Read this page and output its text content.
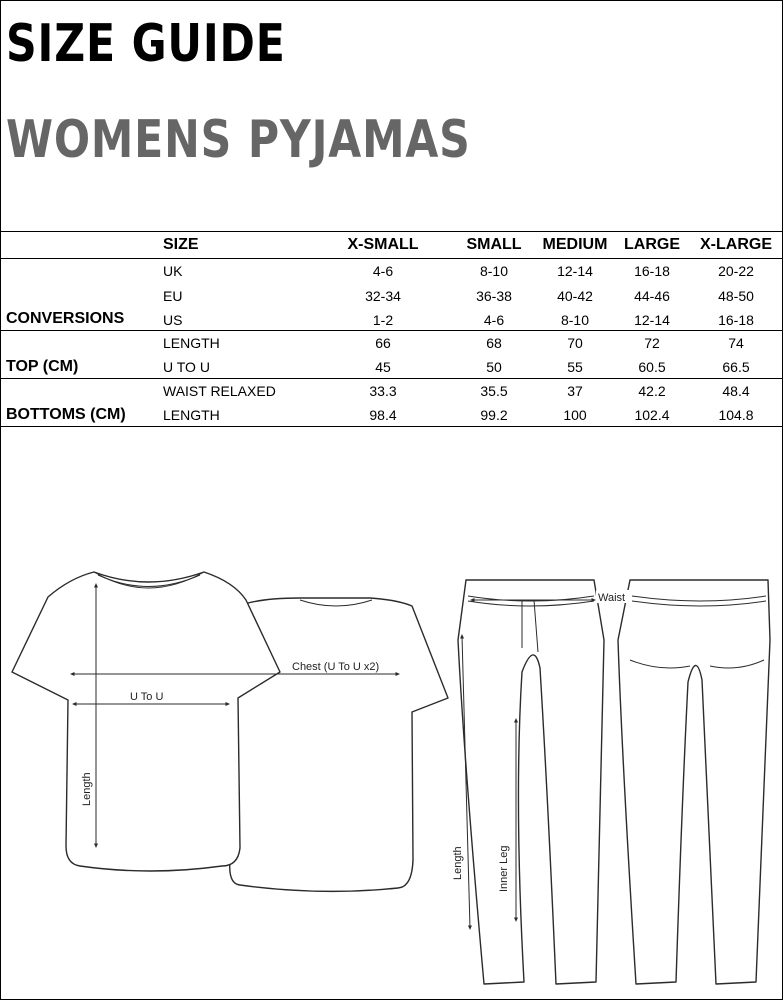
SIZE GUIDE
WOMENS PYJAMAS
SIZE	X-SMALL	SMALL MEDIUM LARGE X-LARGE
CONVERSIONS
TOP (CM)
BOTTOMS (CM)
UK	4-6	8-10	12-14	16-18	20-22
EU	32-34	36-38	40-42	44-46	48-50
US	1-2	4-6	8-10	12-14	16-18
LENGTH	66	68	70	72	74
U TO U	45	50	55	60.5	66.5
WAIST RELAXED	33.3	35.5	37	42.2	48.4
LENGTH	98.4	99.2	100	102.4	104.8
Chest (U To U x2)
U To U
Length
Waist
Length	Inner Leg
